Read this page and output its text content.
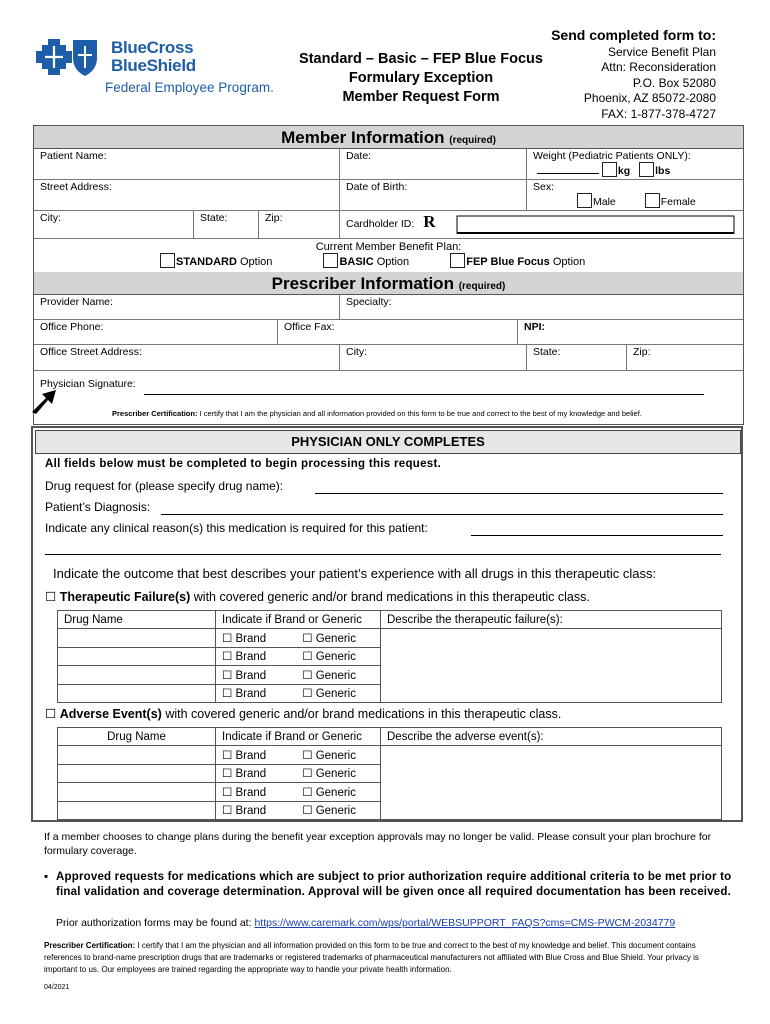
BlueCross
BlueShield
Federal Employee Program.
Standard – Basic – FEP Blue Focus
Formulary Exception
Member Request Form
Send completed form to:
Service Benefit Plan
Attn: Reconsideration
P.O. Box 52080
Phoenix, AZ 85072-2080
FAX: 1-877-378-4727
Member Information (required)
Patient Name:	Date:	Weight (Pediatric Patients ONLY):
kg lbs
Street Address:	Date of Birth:	Sex:
Male	Female
City:	State:	Zip:	Cardholder ID: R
Current Member Benefit Plan:
STANDARD Option	BASIC Option	FEP Blue Focus Option
Prescriber Information (required)
Provider Name:	Specialty:
Office Phone:	Office Fax:	NPI:
Office Street Address:	City:	State:	Zip:
Physician Signature:
Prescriber Certification: I certify that I am the physician and all information provided on this form to be true and correct to the best of my knowledge and belief.
PHYSICIAN ONLY COMPLETES
All fields below must be completed to begin processing this request.
Drug request for (please specify drug name):
Patient’s Diagnosis:
Indicate any clinical reason(s) this medication is required for this patient:
Indicate the outcome that best describes your patient’s experience with all drugs in this therapeutic class:
☐ Therapeutic Failure(s) with covered generic and/or brand medications in this therapeutic class.
Drug Name	Indicate if Brand or Generic	Describe the therapeutic failure(s):
	☐ Brand ☐ Generic	
	☐ Brand ☐ Generic	
	☐ Brand ☐ Generic	
	☐ Brand ☐ Generic	
☐ Adverse Event(s) with covered generic and/or brand medications in this therapeutic class.
Drug Name	Indicate if Brand or Generic	Describe the adverse event(s):
	☐ Brand ☐ Generic	
	☐ Brand ☐ Generic	
	☐ Brand ☐ Generic	
	☐ Brand ☐ Generic	
If a member chooses to change plans during the benefit year exception approvals may no longer be valid. Please consult your plan brochure for formulary coverage.
▪ Approved requests for medications which are subject to prior authorization require additional criteria to be met prior to final validation and coverage determination. Approval will be given once all required documentation has been received.
Prior authorization forms may be found at: https://www.caremark.com/wps/portal/WEBSUPPORT_FAQS?cms=CMS-PWCM-2034779
Prescriber Certification: I certify that I am the physician and all information provided on this form to be true and correct to the best of my knowledge and belief. This document contains references to brand-name prescription drugs that are trademarks or registered trademarks of pharmaceutical manufacturers not affiliated with Blue Cross and Blue Shield. Your privacy is important to us. Our employees are trained regarding the appropriate way to handle your private health information.
04/2021
